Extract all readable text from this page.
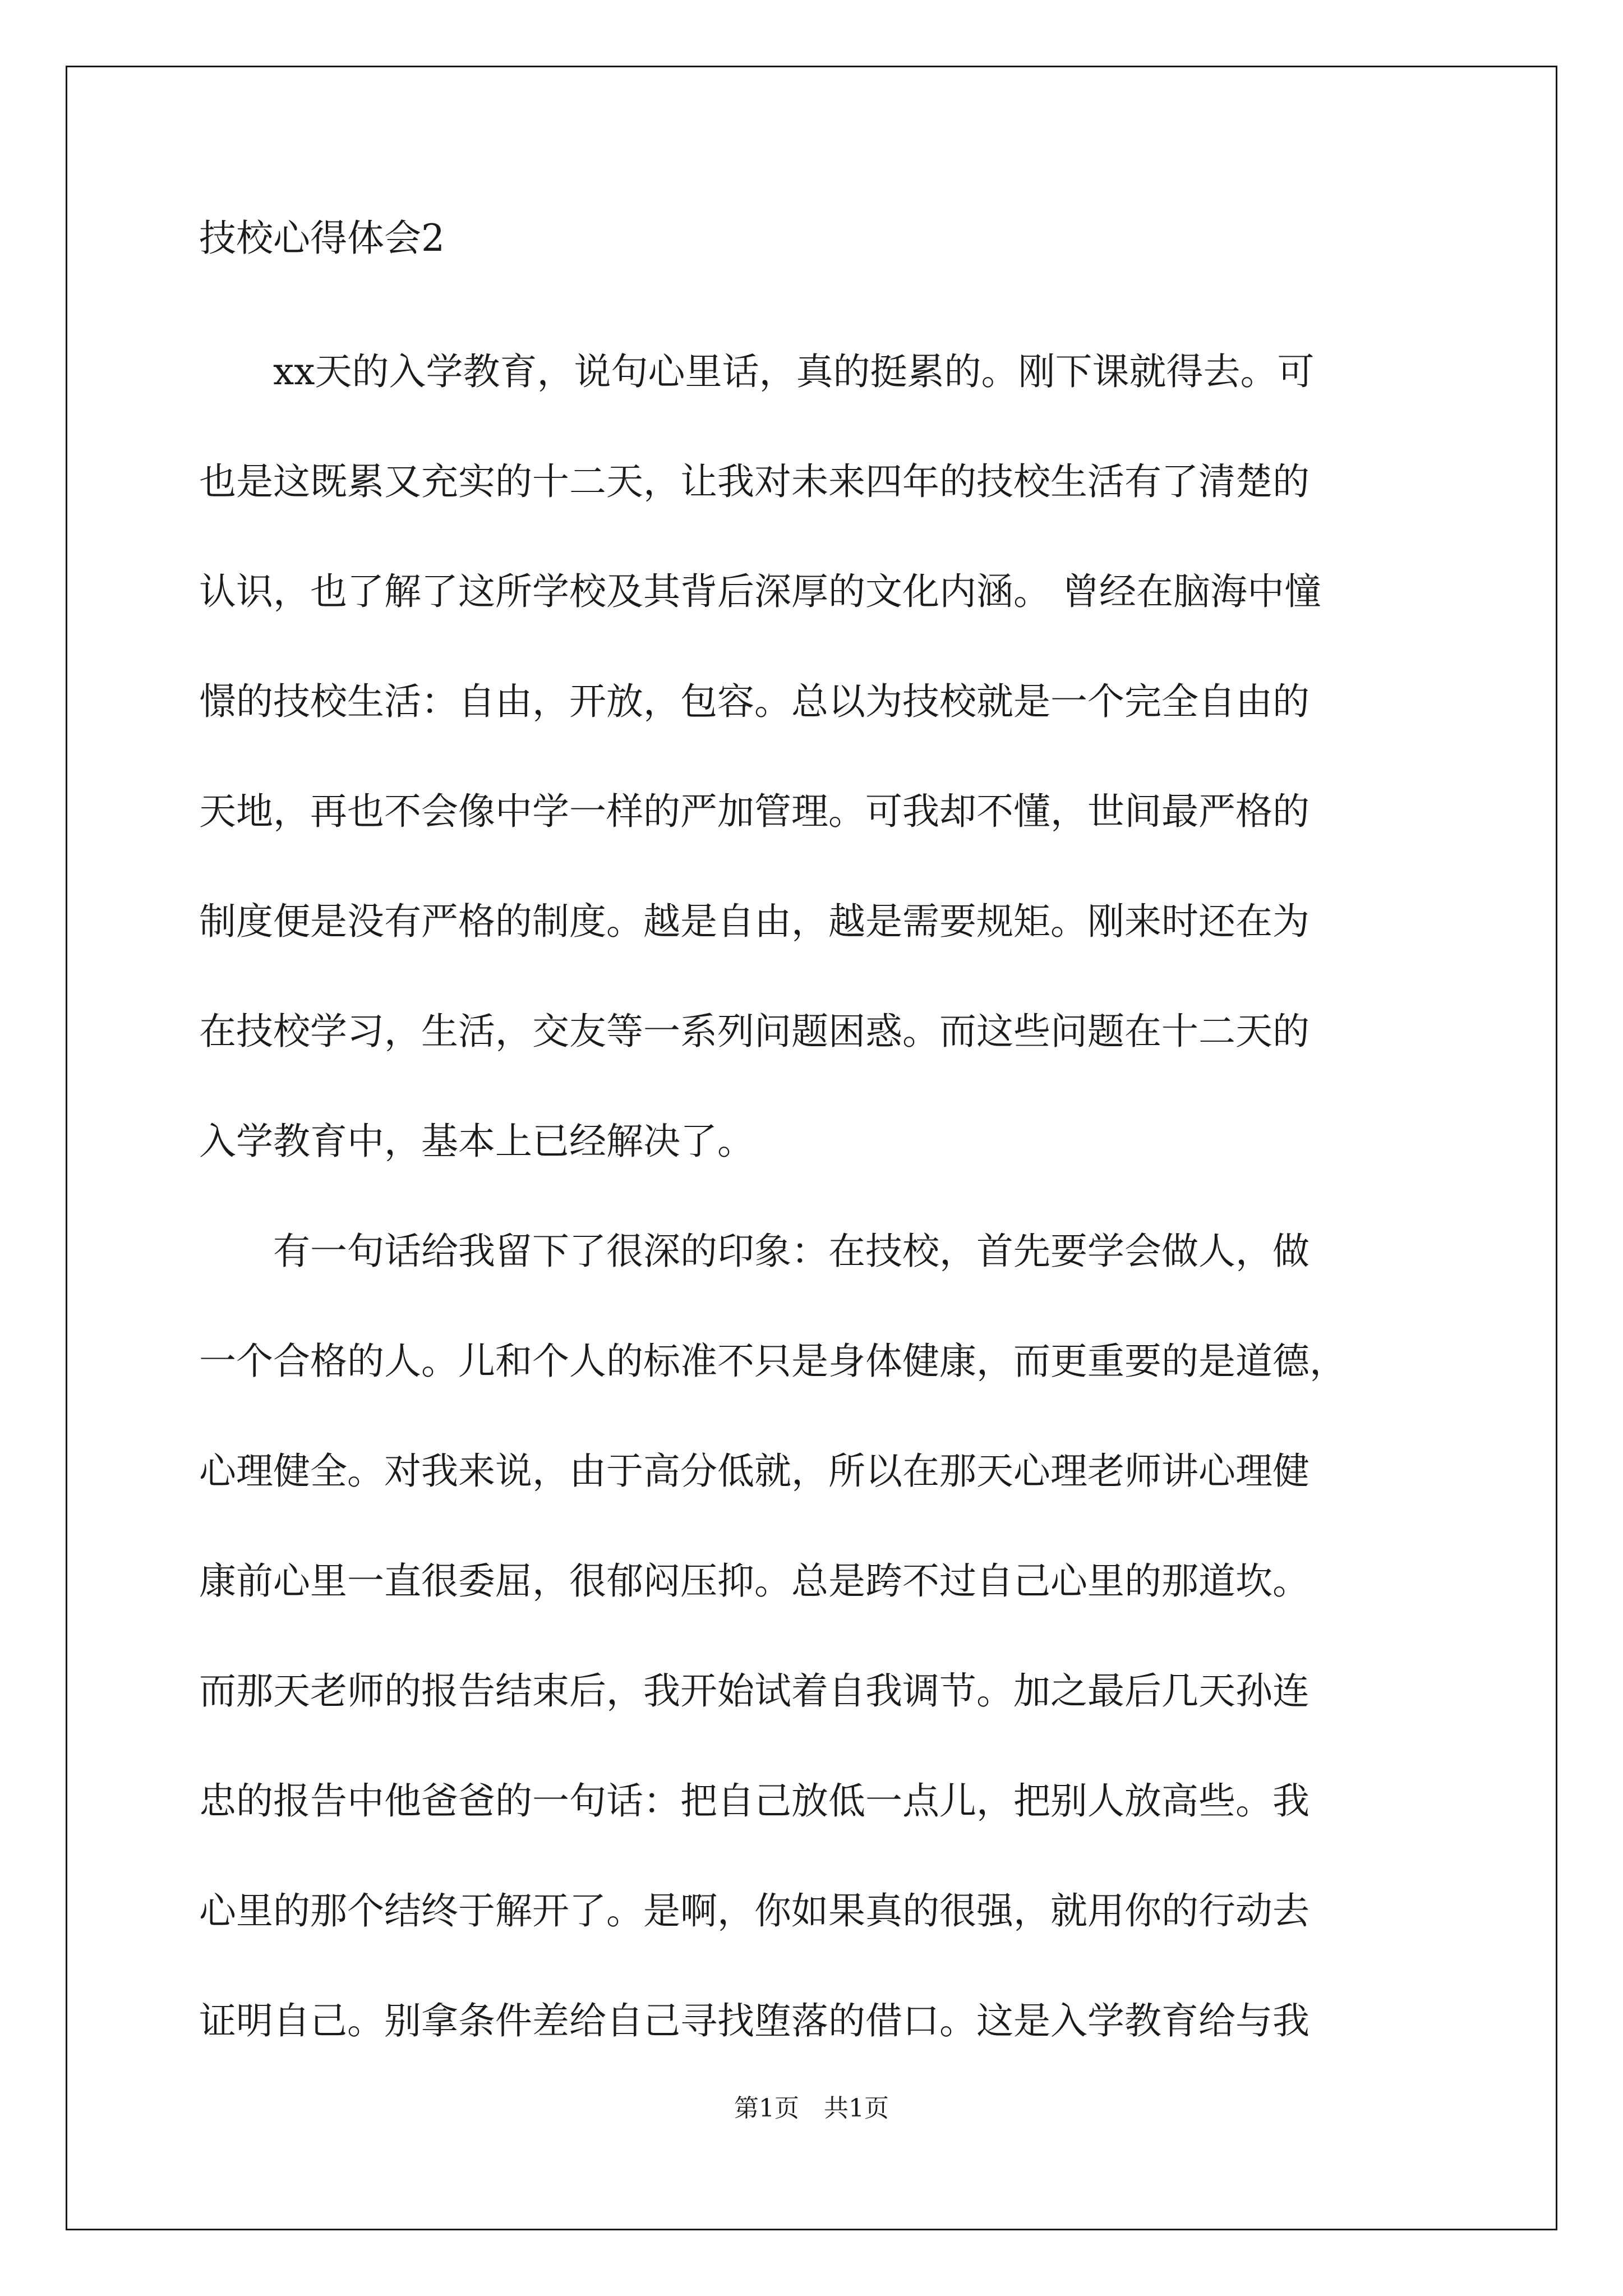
技校心得体会2
　　xx天的入学教育，说句心里话，真的挺累的。刚下课就得去。可
也是这既累又充实的十二天，让我对未来四年的技校生活有了清楚的
认识，也了解了这所学校及其背后深厚的文化内涵。 曾经在脑海中憧
憬的技校生活：自由，开放，包容。总以为技校就是一个完全自由的
天地，再也不会像中学一样的严加管理。可我却不懂，世间最严格的
制度便是没有严格的制度。越是自由，越是需要规矩。刚来时还在为
在技校学习，生活，交友等一系列问题困惑。而这些问题在十二天的
入学教育中，基本上已经解决了。
　　有一句话给我留下了很深的印象：在技校，首先要学会做人，做
一个合格的人。儿和个人的标准不只是身体健康，而更重要的是道德，
心理健全。对我来说，由于高分低就，所以在那天心理老师讲心理健
康前心里一直很委屈，很郁闷压抑。总是跨不过自己心里的那道坎。
而那天老师的报告结束后，我开始试着自我调节。加之最后几天孙连
忠的报告中他爸爸的一句话：把自己放低一点儿，把别人放高些。我
心里的那个结终于解开了。是啊，你如果真的很强，就用你的行动去
证明自己。别拿条件差给自己寻找堕落的借口。这是入学教育给与我
第1页　共1页
